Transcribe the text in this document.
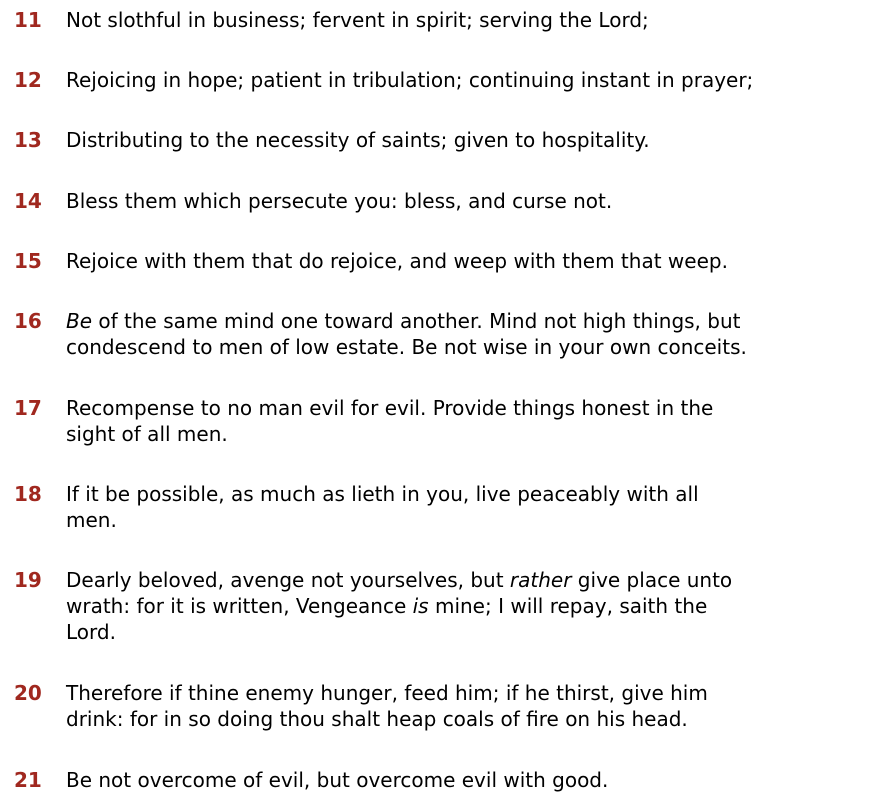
11	Not slothful in business; fervent in spirit; serving the Lord;
12	Rejoicing in hope; patient in tribulation; continuing instant in prayer;
13	Distributing to the necessity of saints; given to hospitality.
14	Bless them which persecute you: bless, and curse not.
15	Rejoice with them that do rejoice, and weep with them that weep.
16	Be of the same mind one toward another. Mind not high things, but
condescend to men of low estate. Be not wise in your own conceits.
17	Recompense to no man evil for evil. Provide things honest in the
sight of all men.
18	If it be possible, as much as lieth in you, live peaceably with all
men.
19	Dearly beloved, avenge not yourselves, but rather give place unto
wrath: for it is written, Vengeance is mine; I will repay, saith the
Lord.
20	Therefore if thine enemy hunger, feed him; if he thirst, give him
drink: for in so doing thou shalt heap coals of fire on his head.
21	Be not overcome of evil, but overcome evil with good.
